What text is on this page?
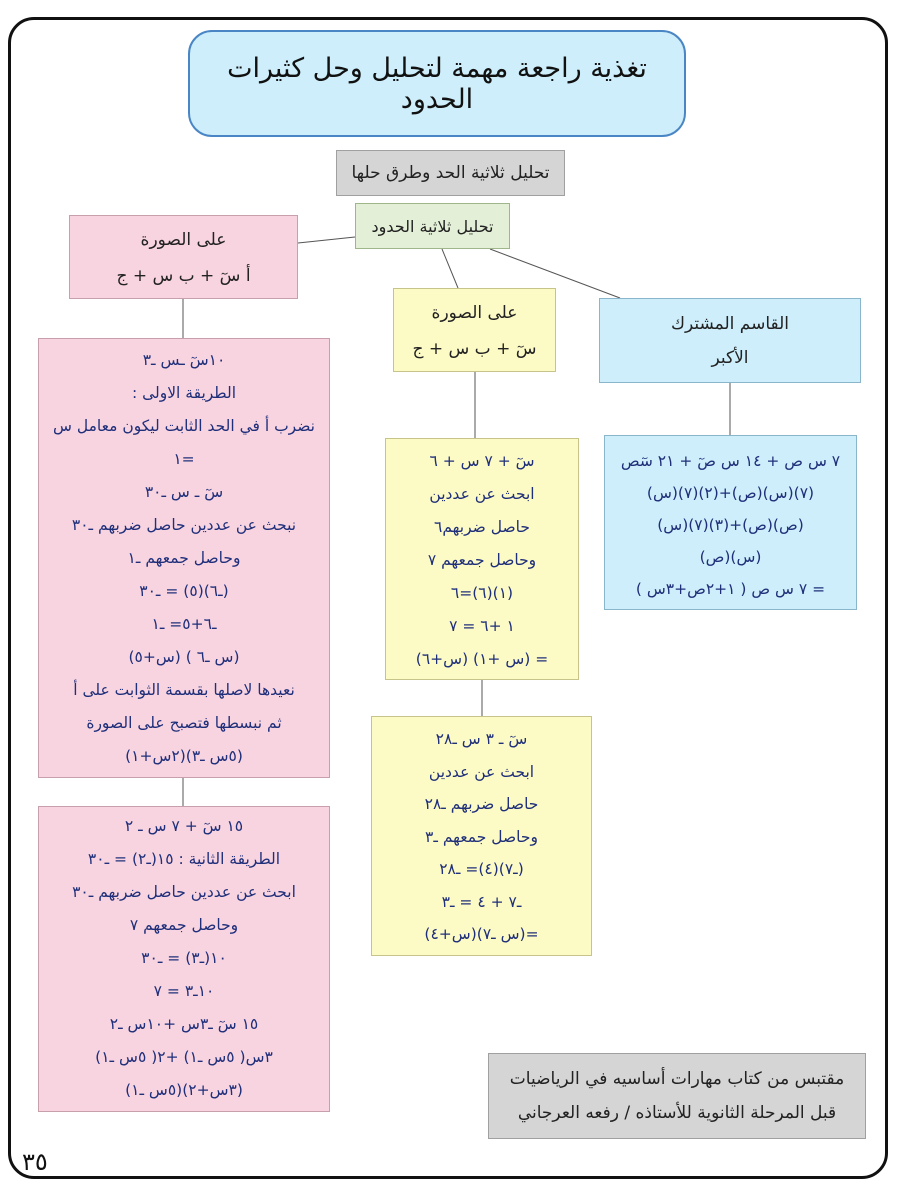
تغذية راجعة مهمة لتحليل وحل كثيرات الحدود
تحليل ثلاثية الحد وطرق حلها
تحليل ثلاثية الحدود
على الصورة
أ سٓ + ب س + ج
على الصورة
سٓ + ب س + ج
القاسم المشترك
الأكبر
١٠سٓ ـس ـ٣
الطريقة الاولى :
نضرب أ في الحد الثابت ليكون معامل س
=١
سٓ ـ س ـ٣٠
نبحث عن عددين حاصل ضربهم ـ٣٠
وحاصل جمعهم ـ١
(ـ٦)(٥) = ـ٣٠
ـ٦+٥= ـ١
(س ـ٦ ) (س+٥)
نعيدها لاصلها بقسمة الثوابت على أ
ثم نبسطها فتصبح على الصورة
(٥س ـ٣)(٢س+١)
١٥ سٓ + ٧ س ـ ٢
الطريقة الثانية : ١٥(ـ٢) = ـ٣٠
ابحث عن عددين حاصل ضربهم ـ٣٠
وحاصل جمعهم ٧
١٠(ـ٣) = ـ٣٠
١٠ـ٣ = ٧
١٥ سٓ ـ٣س +١٠س ـ٢
٣س( ٥س ـ١) +٢( ٥س ـ١)
(٣س+٢)(٥س ـ١)
سٓ + ٧ س + ٦
ابحث عن عددين
حاصل ضربهم٦
وحاصل جمعهم ٧
(١)(٦)=٦
١ +٦ = ٧
= (س +١) (س+٦)
سٓ ـ ٣ س ـ٢٨
ابحث عن عددين
حاصل ضربهم ـ٢٨
وحاصل جمعهم ـ٣
(ـ٧)(٤)= ـ٢٨
ـ٧ + ٤ = ـ٣
=(س ـ٧)(س+٤)
٧ س ص + ١٤ س صٓ + ٢١ سٓص
(٧)(س)(ص)+(٢)(٧)(س)
(ص)(ص)+(٣)(٧)(س)
(س)(ص)
= ٧ س ص ( ١+٢ص+٣س )
مقتبس من كتاب مهارات أساسيه في الرياضيات
قبل المرحلة الثانوية للأستاذه / رفعه العرجاني
٣٥
